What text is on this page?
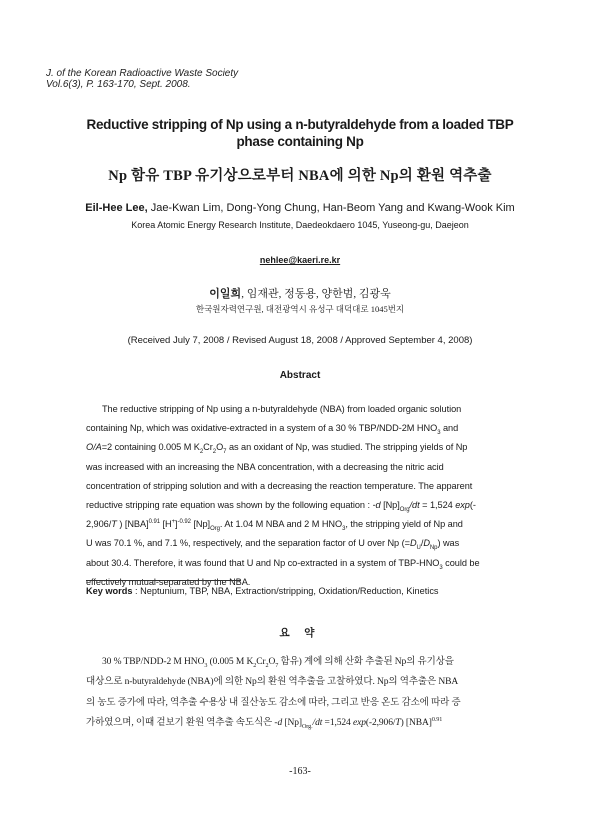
J. of the Korean Radioactive Waste Society
Vol.6(3), P. 163-170, Sept. 2008.
Reductive stripping of Np using a n-butyraldehyde from a loaded TBP
phase containing Np
Np 함유 TBP 유기상으로부터 NBA에 의한 Np의 환원 역추출
Eil-Hee Lee, Jae-Kwan Lim, Dong-Yong Chung, Han-Beom Yang and Kwang-Wook Kim
Korea Atomic Energy Research Institute, Daedeokdaero 1045, Yuseong-gu, Daejeon
nehlee@kaeri.re.kr
이일희, 임재관, 정동용, 양한범, 김광욱
한국원자력연구원, 대전광역시 유성구 대덕대로 1045번지
(Received July 7, 2008 / Revised August 18, 2008 / Approved September 4, 2008)
Abstract
The reductive stripping of Np using a n-butyraldehyde (NBA) from loaded organic solution
containing Np, which was oxidative-extracted in a system of a 30 % TBP/NDD-2M $HNO_3$ and
O/A=2 containing 0.005 M $K_2Cr_2O_7$ as an oxidant of Np, was studied. The stripping yields of Np
was increased with an increasing the NBA concentration, with a decreasing the nitric acid
concentration of stripping solution and with a decreasing the reaction temperature. The apparent
reductive stripping rate equation was shown by the following equation : -d $[Np]_{Org}/dt = 1,524$ exp(-
2,906/T ) [NBA]$^{0.91}$ $[H^+]^{-0.92}$ $[Np]_{Org}$. At 1.04 M NBA and 2 M $HNO_3$, the stripping yield of Np and
U was 70.1 %, and 7.1 %, respectively, and the separation factor of U over Np $(=D_U/D_{Np})$ was
about 30.4. Therefore, it was found that U and Np co-extracted in a system of TBP-$HNO_3$ could be
effectively mutual-separated by the NBA.
Key words : Neptunium, TBP, NBA, Extraction/stripping, Oxidation/Reduction, Kinetics
요 약
30 % TBP/NDD-2 M $HNO_3$ (0.005 M $K_2Cr_2O_7$ 함유) 계에 의해 산화 추출된 Np의 유기상을
대상으로 n-butyraldehyde (NBA)에 의한 Np의 환원 역추출을 고찰하였다. Np의 역추출은 NBA
의 농도 증가에 따라, 역추출 수용상 내 질산농도 감소에 따라, 그리고 반응 온도 감소에 따라 증
가하였으며, 이때 겉보기 환원 역추출 속도식은 -d $[Np]_{Org.}/dt =1,524$ exp(-2,906/T) [NBA]$^{0.91}$
-163-
